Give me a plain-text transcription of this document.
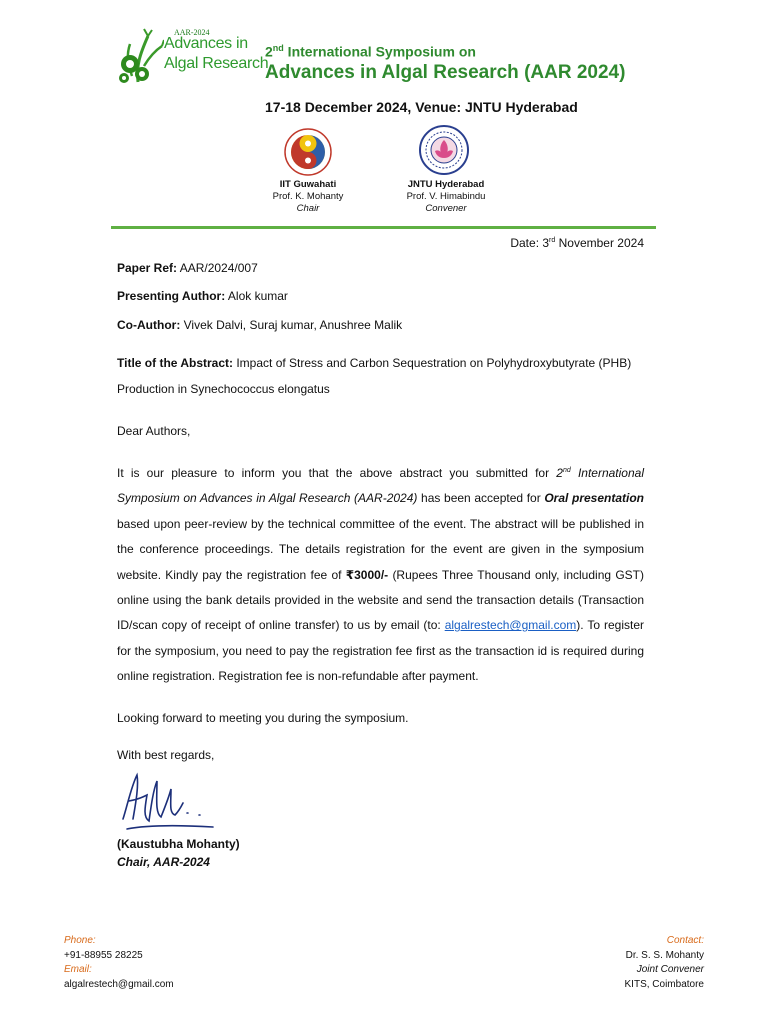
AAR-2024
Advances in
Algal Research
2nd International Symposium on
Advances in Algal Research (AAR 2024)
17-18 December 2024, Venue: JNTU Hyderabad
IIT Guwahati
Prof. K. Mohanty
Chair
JNTU Hyderabad
Prof. V. Himabindu
Convener
Date: 3rd November 2024
Paper Ref: AAR/2024/007
Presenting Author: Alok kumar
Co-Author: Vivek Dalvi, Suraj kumar, Anushree Malik
Title of the Abstract: Impact of Stress and Carbon Sequestration on Polyhydroxybutyrate (PHB)
Production in Synechococcus elongatus
Dear Authors,
It is our pleasure to inform you that the above abstract you submitted for 2nd International Symposium on Advances in Algal Research (AAR-2024) has been accepted for Oral presentation based upon peer-review by the technical committee of the event. The abstract will be published in the conference proceedings. The details registration for the event are given in the symposium website. Kindly pay the registration fee of ₹3000/- (Rupees Three Thousand only, including GST) online using the bank details provided in the website and send the transaction details (Transaction ID/scan copy of receipt of online transfer) to us by email (to: algalrestech@gmail.com). To register for the symposium, you need to pay the registration fee first as the transaction id is required during online registration. Registration fee is non-refundable after payment.
Looking forward to meeting you during the symposium.
With best regards,
(Kaustubha Mohanty)
Chair, AAR-2024
Phone:
+91-88955 28225
Email:
algalrestech@gmail.com
Contact:
Dr. S. S. Mohanty
Joint Convener
KITS, Coimbatore
